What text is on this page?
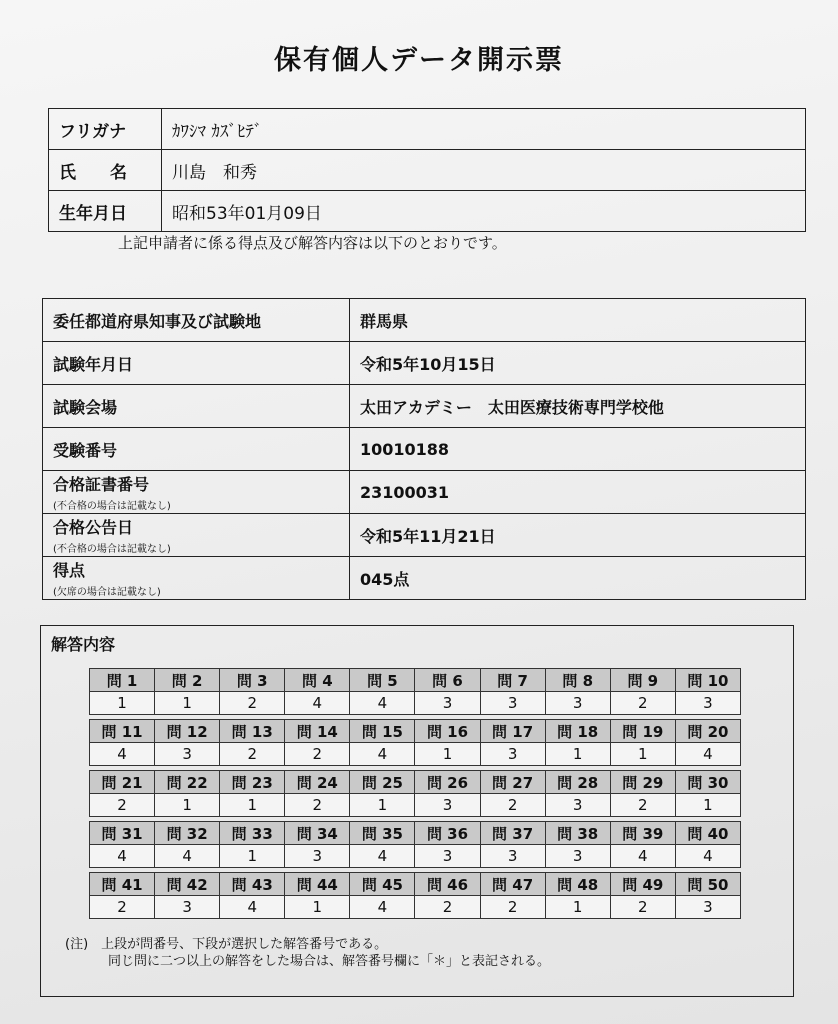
保有個人データ開示票
フリガナ	ｶﾜｼﾏ ｶｽﾞﾋﾃﾞ
氏　　名	川島　和秀
生年月日	昭和53年01月09日
上記申請者に係る得点及び解答内容は以下のとおりです。
委任都道府県知事及び試験地	群馬県
試験年月日	令和5年10月15日
試験会場	太田アカデミー　太田医療技術専門学校他
受験番号	10010188
合格証書番号
(不合格の場合は記載なし)	23100031
合格公告日
(不合格の場合は記載なし)	令和5年11月21日
得点
(欠席の場合は記載なし)	045点
解答内容
問 1	問 2	問 3	問 4	問 5	問 6	問 7	問 8	問 9	問 10
1	1	2	4	4	3	3	3	2	3
問 11	問 12	問 13	問 14	問 15	問 16	問 17	問 18	問 19	問 20
4	3	2	2	4	1	3	1	1	4
問 21	問 22	問 23	問 24	問 25	問 26	問 27	問 28	問 29	問 30
2	1	1	2	1	3	2	3	2	1
問 31	問 32	問 33	問 34	問 35	問 36	問 37	問 38	問 39	問 40
4	4	1	3	4	3	3	3	4	4
問 41	問 42	問 43	問 44	問 45	問 46	問 47	問 48	問 49	問 50
2	3	4	1	4	2	2	1	2	3
(注)　 上段が問番号、下段が選択した解答番号である。
同じ問に二つ以上の解答をした場合は、解答番号欄に「＊」と表記される。
